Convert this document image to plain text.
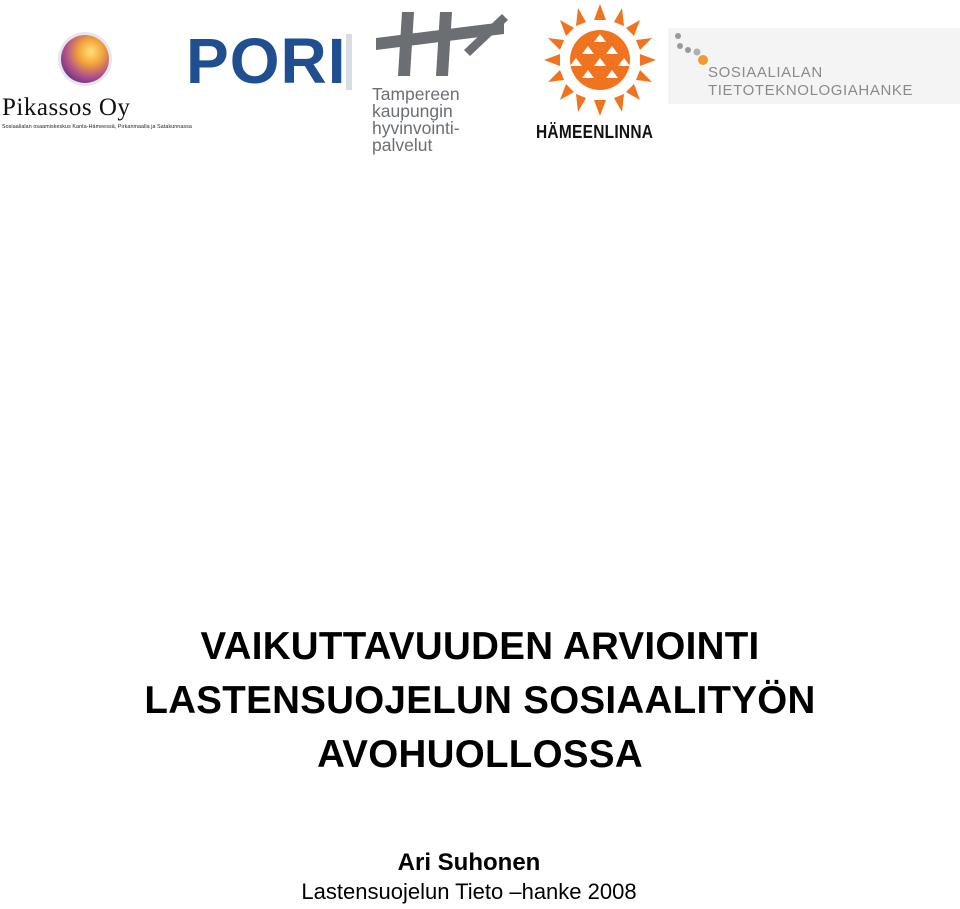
Pikassos Oy
Sosiaalialan osaamiskeskus Kanta-Hämeessä, Pirkanmaalla ja Satakunnassa
PORI Tampereen
kaupungin
hyvinvointi-
palvelut
HÄMEENLINNA
SOSIAALIALAN
TIETOTEKNOLOGIAHANKE
VAIKUTTAVUUDEN ARVIOINTI
LASTENSUOJELUN SOSIAALITYÖN
AVOHUOLLOSSA
Ari Suhonen
Lastensuojelun Tieto –hanke 2008
